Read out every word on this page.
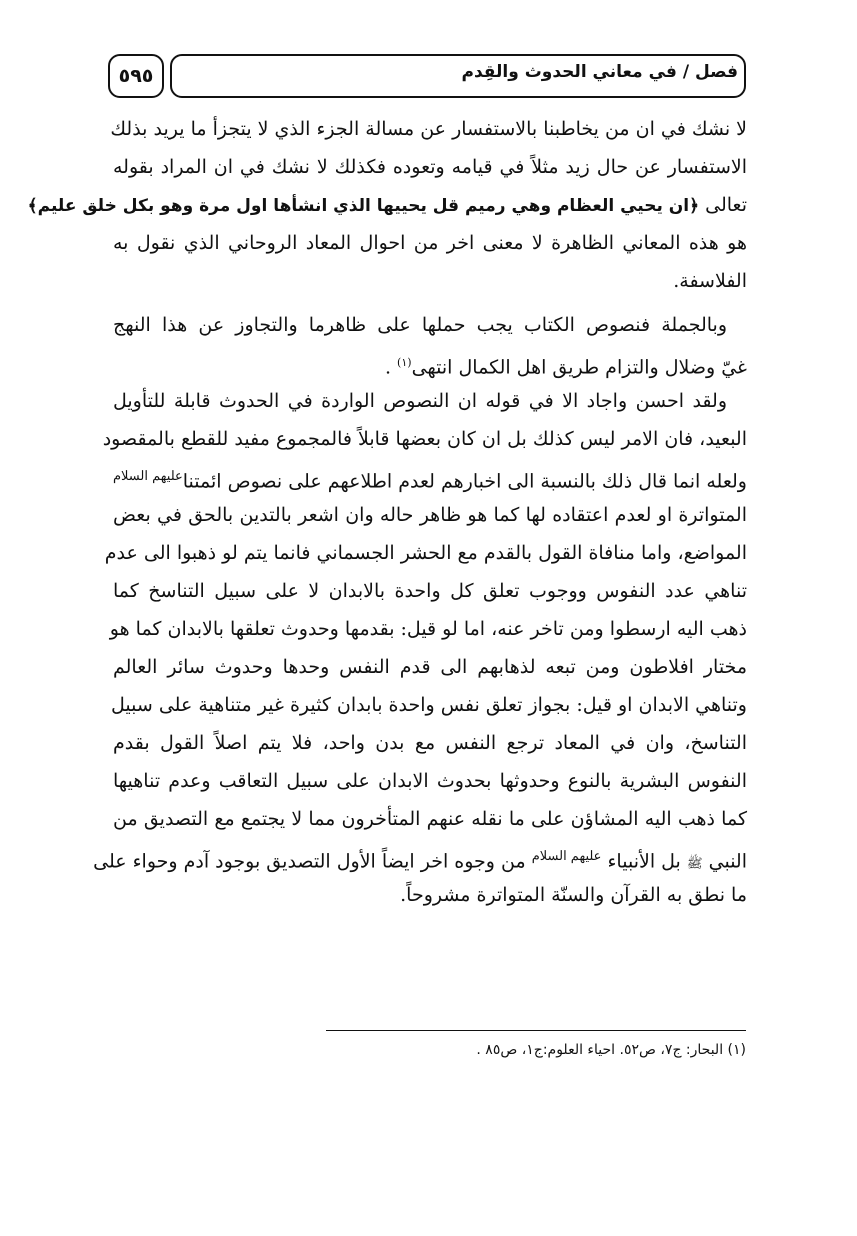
٥٩٥	فصل / في معاني الحدوث والقِدم
لا نشك في ان من يخاطبنا بالاستفسار عن مسالة الجزء الذي لا يتجزأ ما يريد بذلك
الاستفسار عن حال زيد مثلاً في قيامه وتعوده فكذلك لا نشك في ان المراد بقوله
تعالى ﴿ان يحيي العظام وهي رميم قل يحييها الذي انشأها اول مرة وهو بكل خلق عليم﴾
هو هذه المعاني الظاهرة لا معنى اخر من احوال المعاد الروحاني الذي نقول به
الفلاسفة.
وبالجملة فنصوص الكتاب يجب حملها على ظاهرما والتجاوز عن هذا النهج
غيّ وضلال والتزام طريق اهل الكمال انتهى$^{(١)}$ .
ولقد احسن واجاد الا في قوله ان النصوص الواردة في الحدوث قابلة للتأويل
البعيد، فان الامر ليس كذلك بل ان كان بعضها قابلاً فالمجموع مفيد للقطع بالمقصود
ولعله انما قال ذلك بالنسبة الى اخبارهم لعدم اطلاعهم على نصوص ائمتنا$^{عليهم السلام}$
المتواترة او لعدم اعتقاده لها كما هو ظاهر حاله وان اشعر بالتدين بالحق في بعض
المواضع، واما منافاة القول بالقدم مع الحشر الجسماني فانما يتم لو ذهبوا الى عدم
تناهي عدد النفوس ووجوب تعلق كل واحدة بالابدان لا على سبيل التناسخ كما
ذهب اليه ارسطوا ومن تاخر عنه، اما لو قيل: بقدمها وحدوث تعلقها بالابدان كما هو
مختار افلاطون ومن تبعه لذهابهم الى قدم النفس وحدها وحدوث سائر العالم
وتناهي الابدان او قيل: بجواز تعلق نفس واحدة بابدان كثيرة غير متناهية على سبيل
التناسخ، وان في المعاد ترجع النفس مع بدن واحد، فلا يتم اصلاً القول بقدم
النفوس البشرية بالنوع وحدوثها بحدوث الابدان على سبيل التعاقب وعدم تناهيها
كما ذهب اليه المشاؤن على ما نقله عنهم المتأخرون مما لا يجتمع مع التصديق من
النبي ﷺ بل الأنبياء $^{عليهم السلام}$ من وجوه اخر ايضاً الأول التصديق بوجود آدم وحواء على
ما نطق به القرآن والسنّة المتواترة مشروحاً.
(١) البحار: ج٧، ص٥٢. احياء العلوم:ج١، ص٨٥ .
